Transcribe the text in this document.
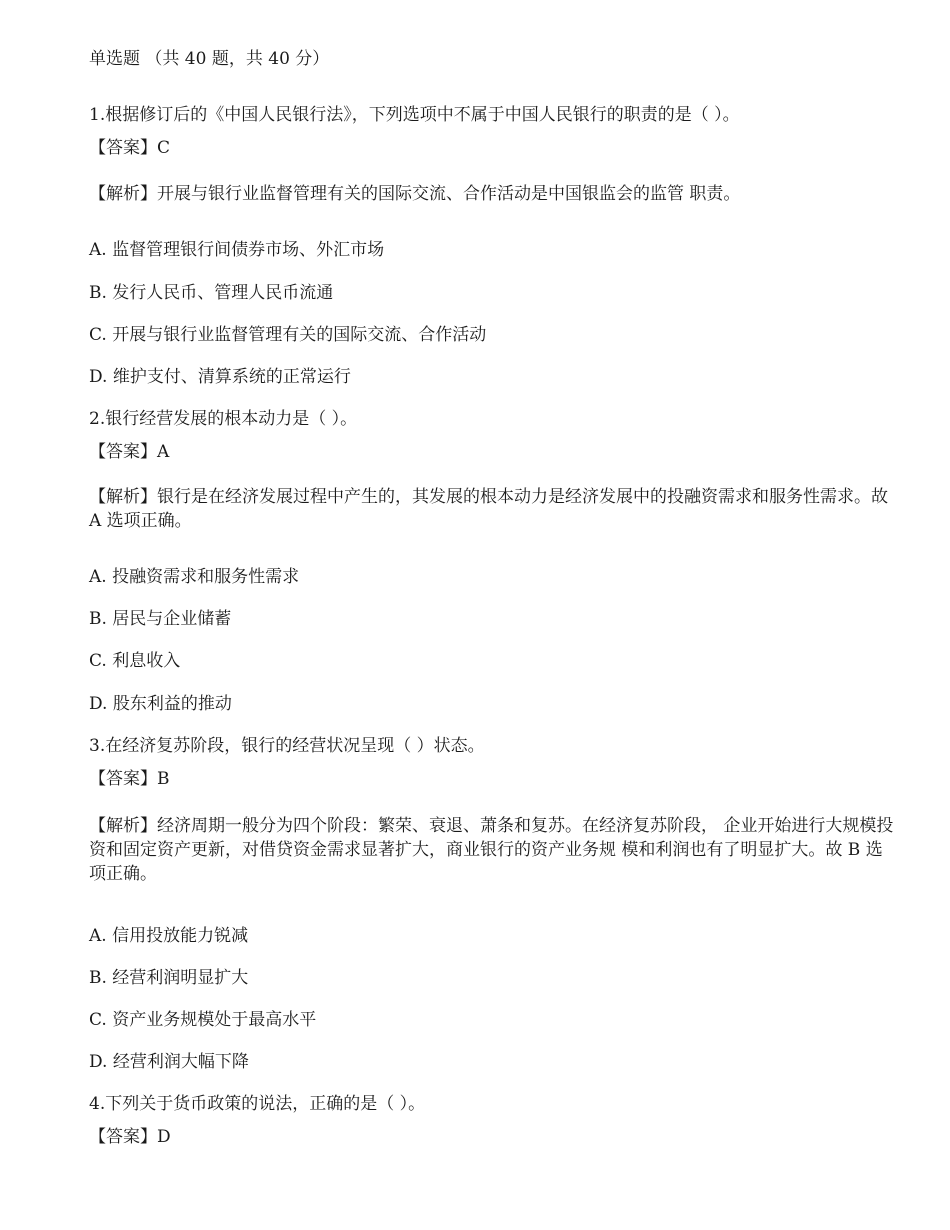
单选题 （共 40 题，共 40 分）
1.根据修订后的《中国人民银行法》，下列选项中不属于中国人民银行的职责的是（ ）。
【答案】C
【解析】开展与银行业监督管理有关的国际交流、合作活动是中国银监会的监管 职责。
A. 监督管理银行间债券市场、外汇市场
B. 发行人民币、管理人民币流通
C. 开展与银行业监督管理有关的国际交流、合作活动
D. 维护支付、清算系统的正常运行
2.银行经营发展的根本动力是（ ）。
【答案】A
【解析】银行是在经济发展过程中产生的，其发展的根本动力是经济发展中的投融资需求和服务性需求。故 A 选项正确。
A. 投融资需求和服务性需求
B. 居民与企业储蓄
C. 利息收入
D. 股东利益的推动
3.在经济复苏阶段，银行的经营状况呈现（ ）状态。
【答案】B
【解析】经济周期一般分为四个阶段：繁荣、衰退、萧条和复苏。在经济复苏阶段， 企业开始进行大规模投资和固定资产更新，对借贷资金需求显著扩大，商业银行的资产业务规 模和利润也有了明显扩大。故 B 选项正确。
A. 信用投放能力锐减
B. 经营利润明显扩大
C. 资产业务规模处于最高水平
D. 经营利润大幅下降
4.下列关于货币政策的说法，正确的是（ ）。
【答案】D
